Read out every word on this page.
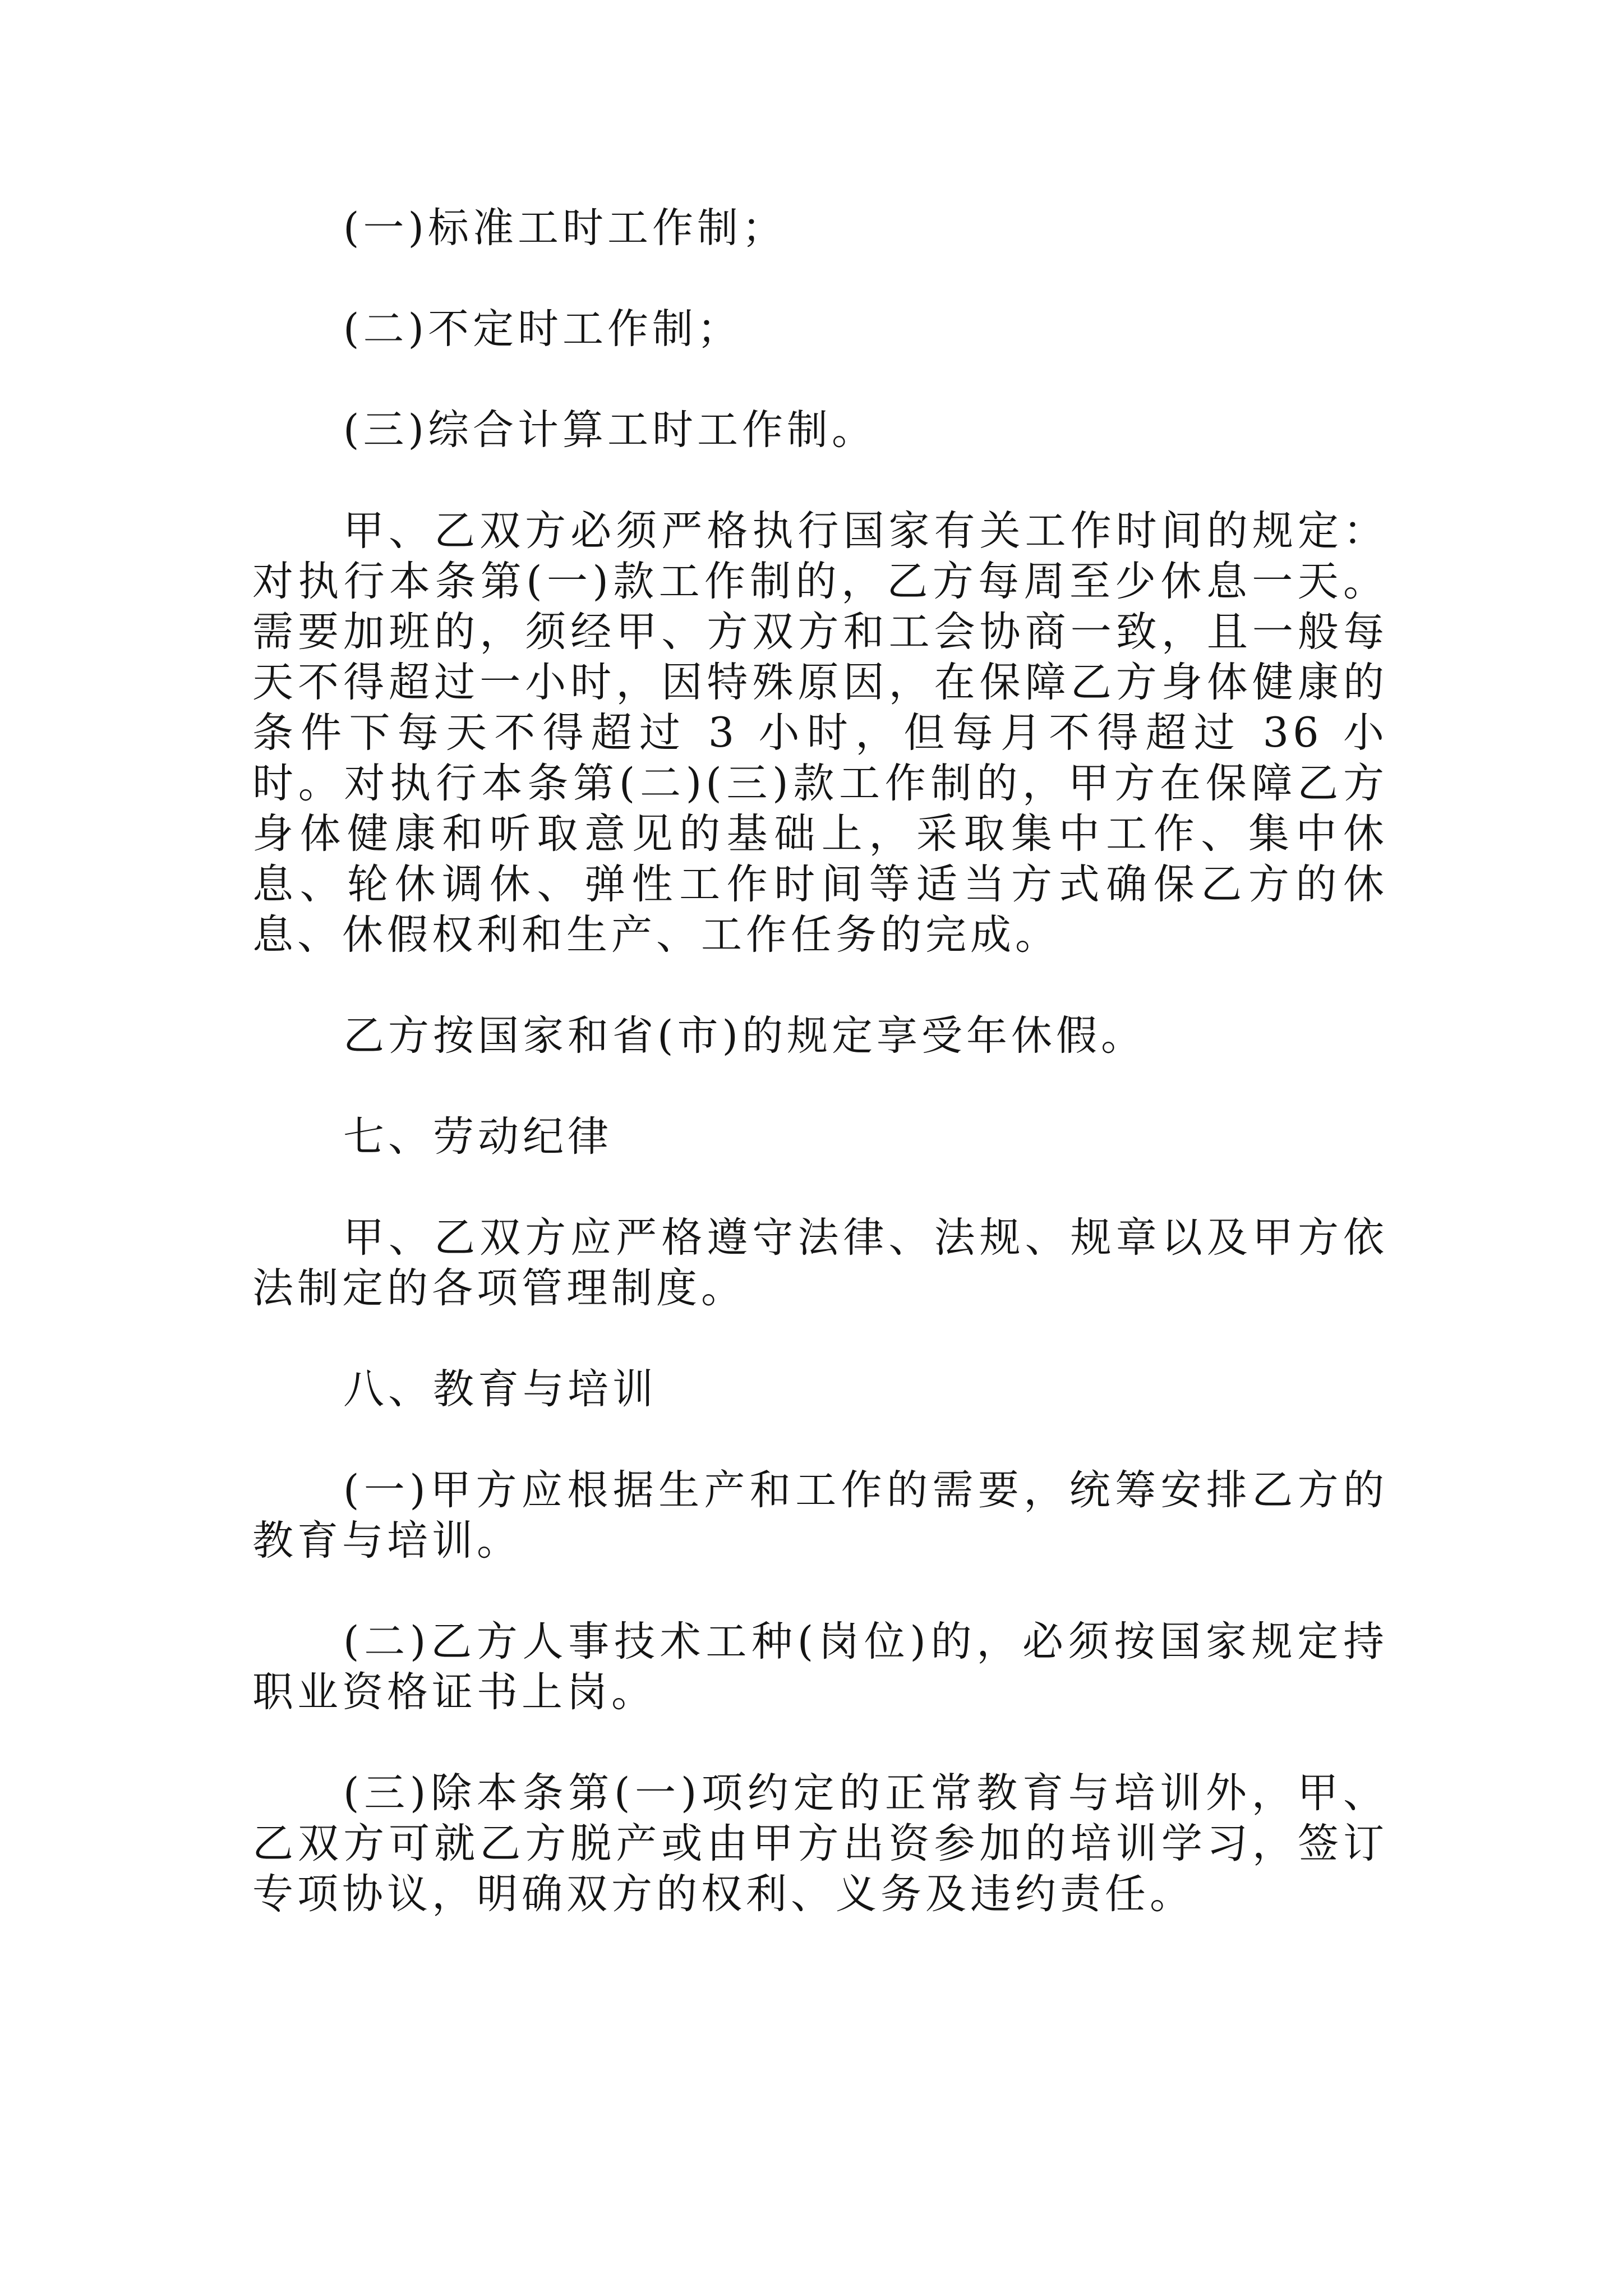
(一)标准工时工作制；

(二)不定时工作制；

(三)综合计算工时工作制。

甲、乙双方必须严格执行国家有关工作时间的规定：对执行本条第(一)款工作制的，乙方每周至少休息一天。需要加班的，须经甲、方双方和工会协商一致，且一般每天不得超过一小时，因特殊原因，在保障乙方身体健康的条件下每天不得超过 3 小时，但每月不得超过 36 小时。对执行本条第(二)(三)款工作制的，甲方在保障乙方身体健康和听取意见的基础上，采取集中工作、集中休息、轮休调休、弹性工作时间等适当方式确保乙方的休息、休假权利和生产、工作任务的完成。

乙方按国家和省(市)的规定享受年休假。

七、劳动纪律

甲、乙双方应严格遵守法律、法规、规章以及甲方依法制定的各项管理制度。

八、教育与培训

(一)甲方应根据生产和工作的需要，统筹安排乙方的教育与培训。

(二)乙方人事技术工种(岗位)的，必须按国家规定持职业资格证书上岗。

(三)除本条第(一)项约定的正常教育与培训外，甲、乙双方可就乙方脱产或由甲方出资参加的培训学习，签订专项协议，明确双方的权利、义务及违约责任。
